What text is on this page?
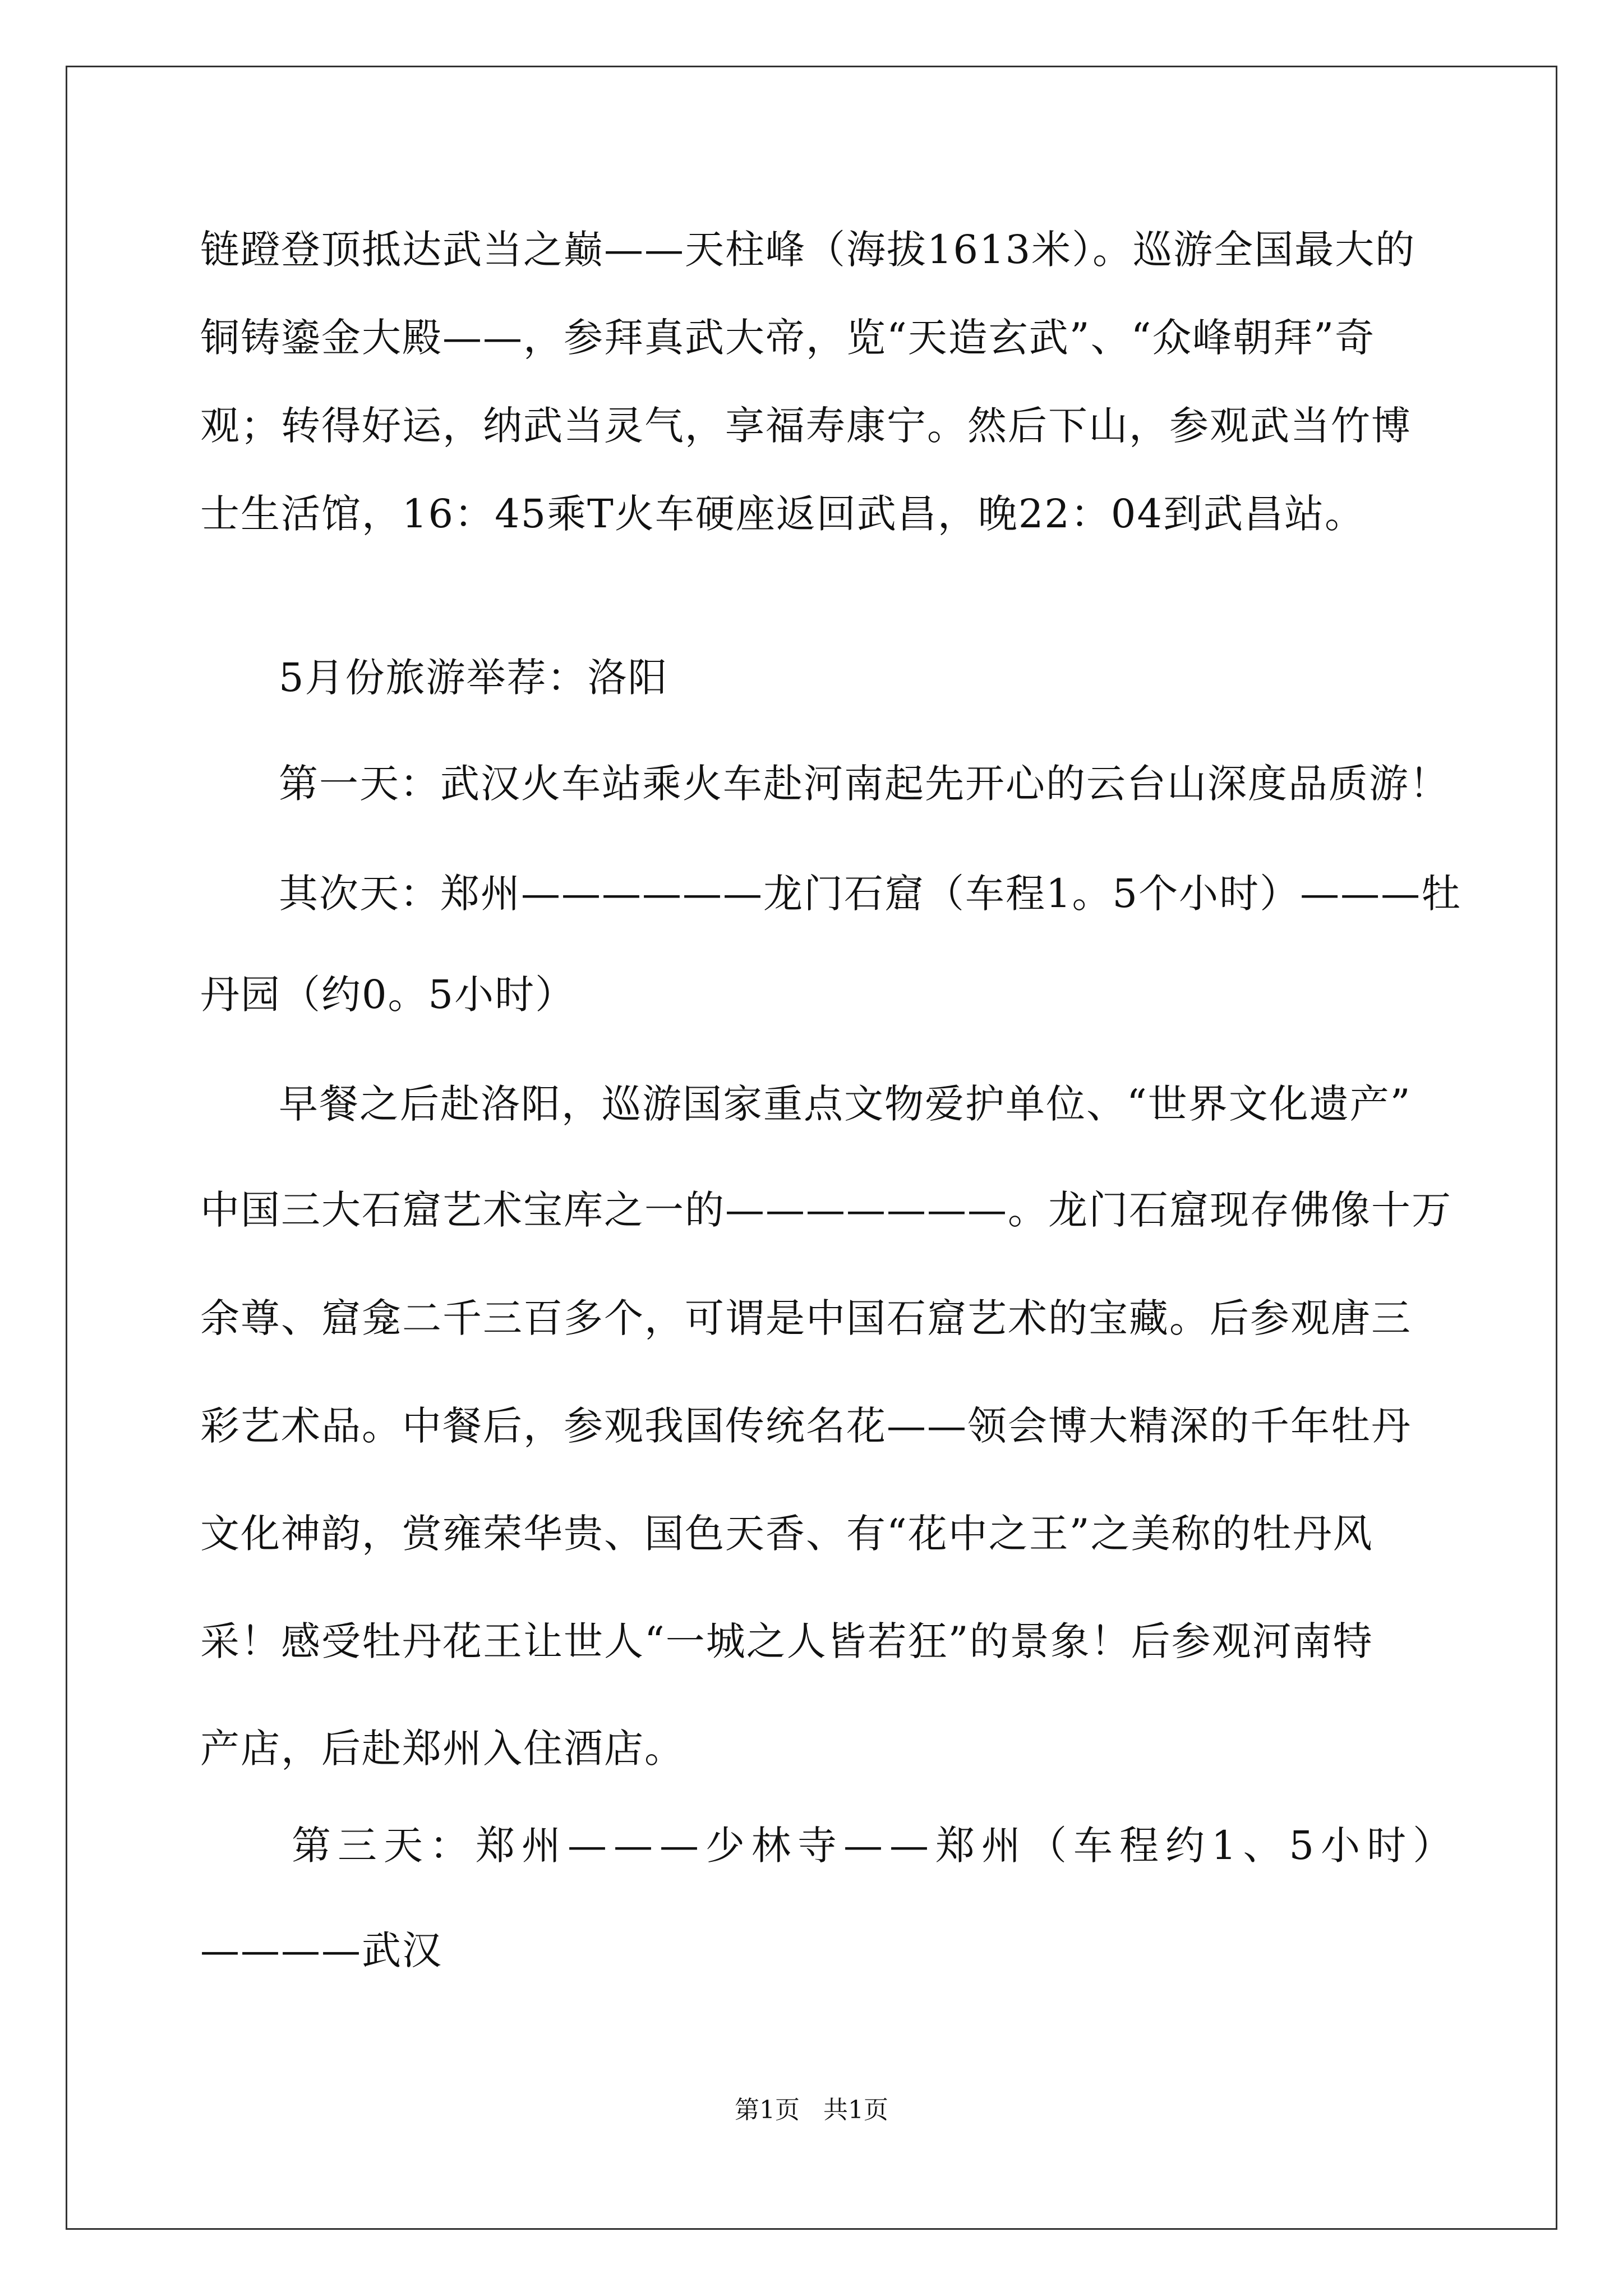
链蹬登顶抵达武当之巅——天柱峰（海拔1613米）。巡游全国最大的
铜铸鎏金大殿——，参拜真武大帝，览“天造玄武”、“众峰朝拜”奇
观；转得好运，纳武当灵气，享福寿康宁。然后下山，参观武当竹博
士生活馆，16：45乘T火车硬座返回武昌，晚22：04到武昌站。
5月份旅游举荐：洛阳
第一天：武汉火车站乘火车赴河南起先开心的云台山深度品质游！
其次天：郑州——————龙门石窟（车程1。5个小时）———牡
丹园（约0。5小时）
早餐之后赴洛阳，巡游国家重点文物爱护单位、“世界文化遗产”
中国三大石窟艺术宝库之一的———————。龙门石窟现存佛像十万
余尊、窟龛二千三百多个，可谓是中国石窟艺术的宝藏。后参观唐三
彩艺术品。中餐后，参观我国传统名花——领会博大精深的千年牡丹
文化神韵，赏雍荣华贵、国色天香、有“花中之王”之美称的牡丹风
采！感受牡丹花王让世人“一城之人皆若狂”的景象！后参观河南特
产店，后赴郑州入住酒店。
第三天：郑州———少林寺——郑州（车程约1、5小时）
————武汉
第1页   共1页
